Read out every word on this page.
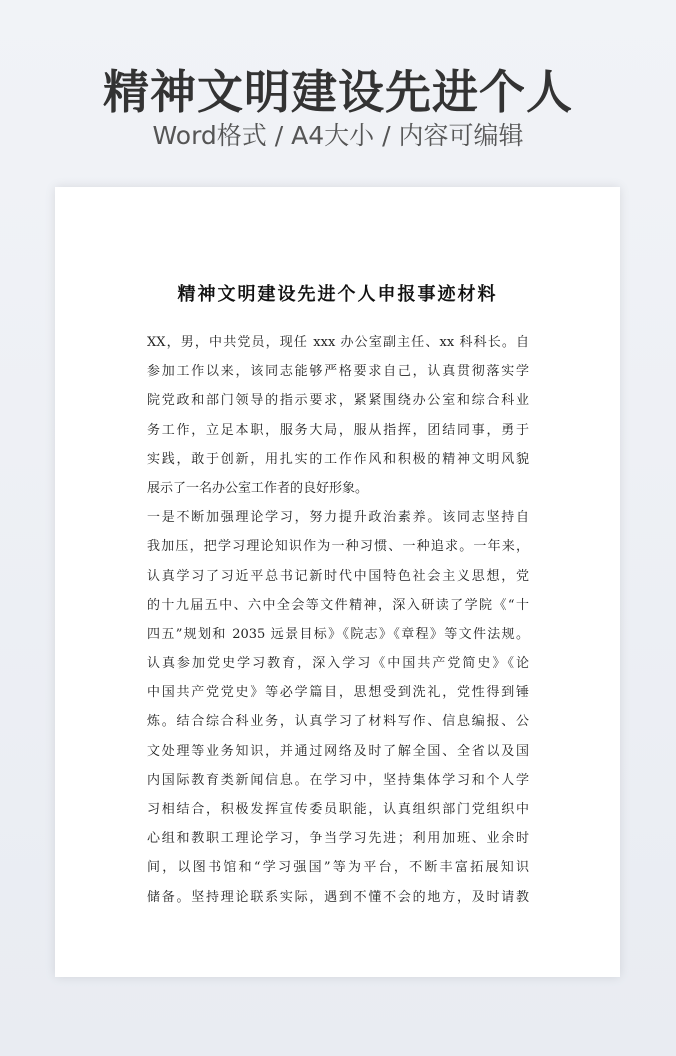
精神文明建设先进个人
Word格式 / A4大小 / 内容可编辑
精神文明建设先进个人申报事迹材料
XX，男，中共党员，现任 xxx 办公室副主任、xx 科科长。自
参加工作以来，该同志能够严格要求自己，认真贯彻落实学
院党政和部门领导的指示要求，紧紧围绕办公室和综合科业
务工作，立足本职，服务大局，服从指挥，团结同事，勇于
实践，敢于创新，用扎实的工作作风和积极的精神文明风貌
展示了一名办公室工作者的良好形象。
一是不断加强理论学习，努力提升政治素养。该同志坚持自
我加压，把学习理论知识作为一种习惯、一种追求。一年来，
认真学习了习近平总书记新时代中国特色社会主义思想，党
的十九届五中、六中全会等文件精神，深入研读了学院《“十
四五”规划和 2035 远景目标》《院志》《章程》等文件法规。
认真参加党史学习教育，深入学习《中国共产党简史》《论
中国共产党党史》等必学篇目，思想受到洗礼，党性得到锤
炼。结合综合科业务，认真学习了材料写作、信息编报、公
文处理等业务知识，并通过网络及时了解全国、全省以及国
内国际教育类新闻信息。在学习中，坚持集体学习和个人学
习相结合，积极发挥宣传委员职能，认真组织部门党组织中
心组和教职工理论学习，争当学习先进；利用加班、业余时
间，以图书馆和“学习强国”等为平台，不断丰富拓展知识
储备。坚持理论联系实际，遇到不懂不会的地方，及时请教
